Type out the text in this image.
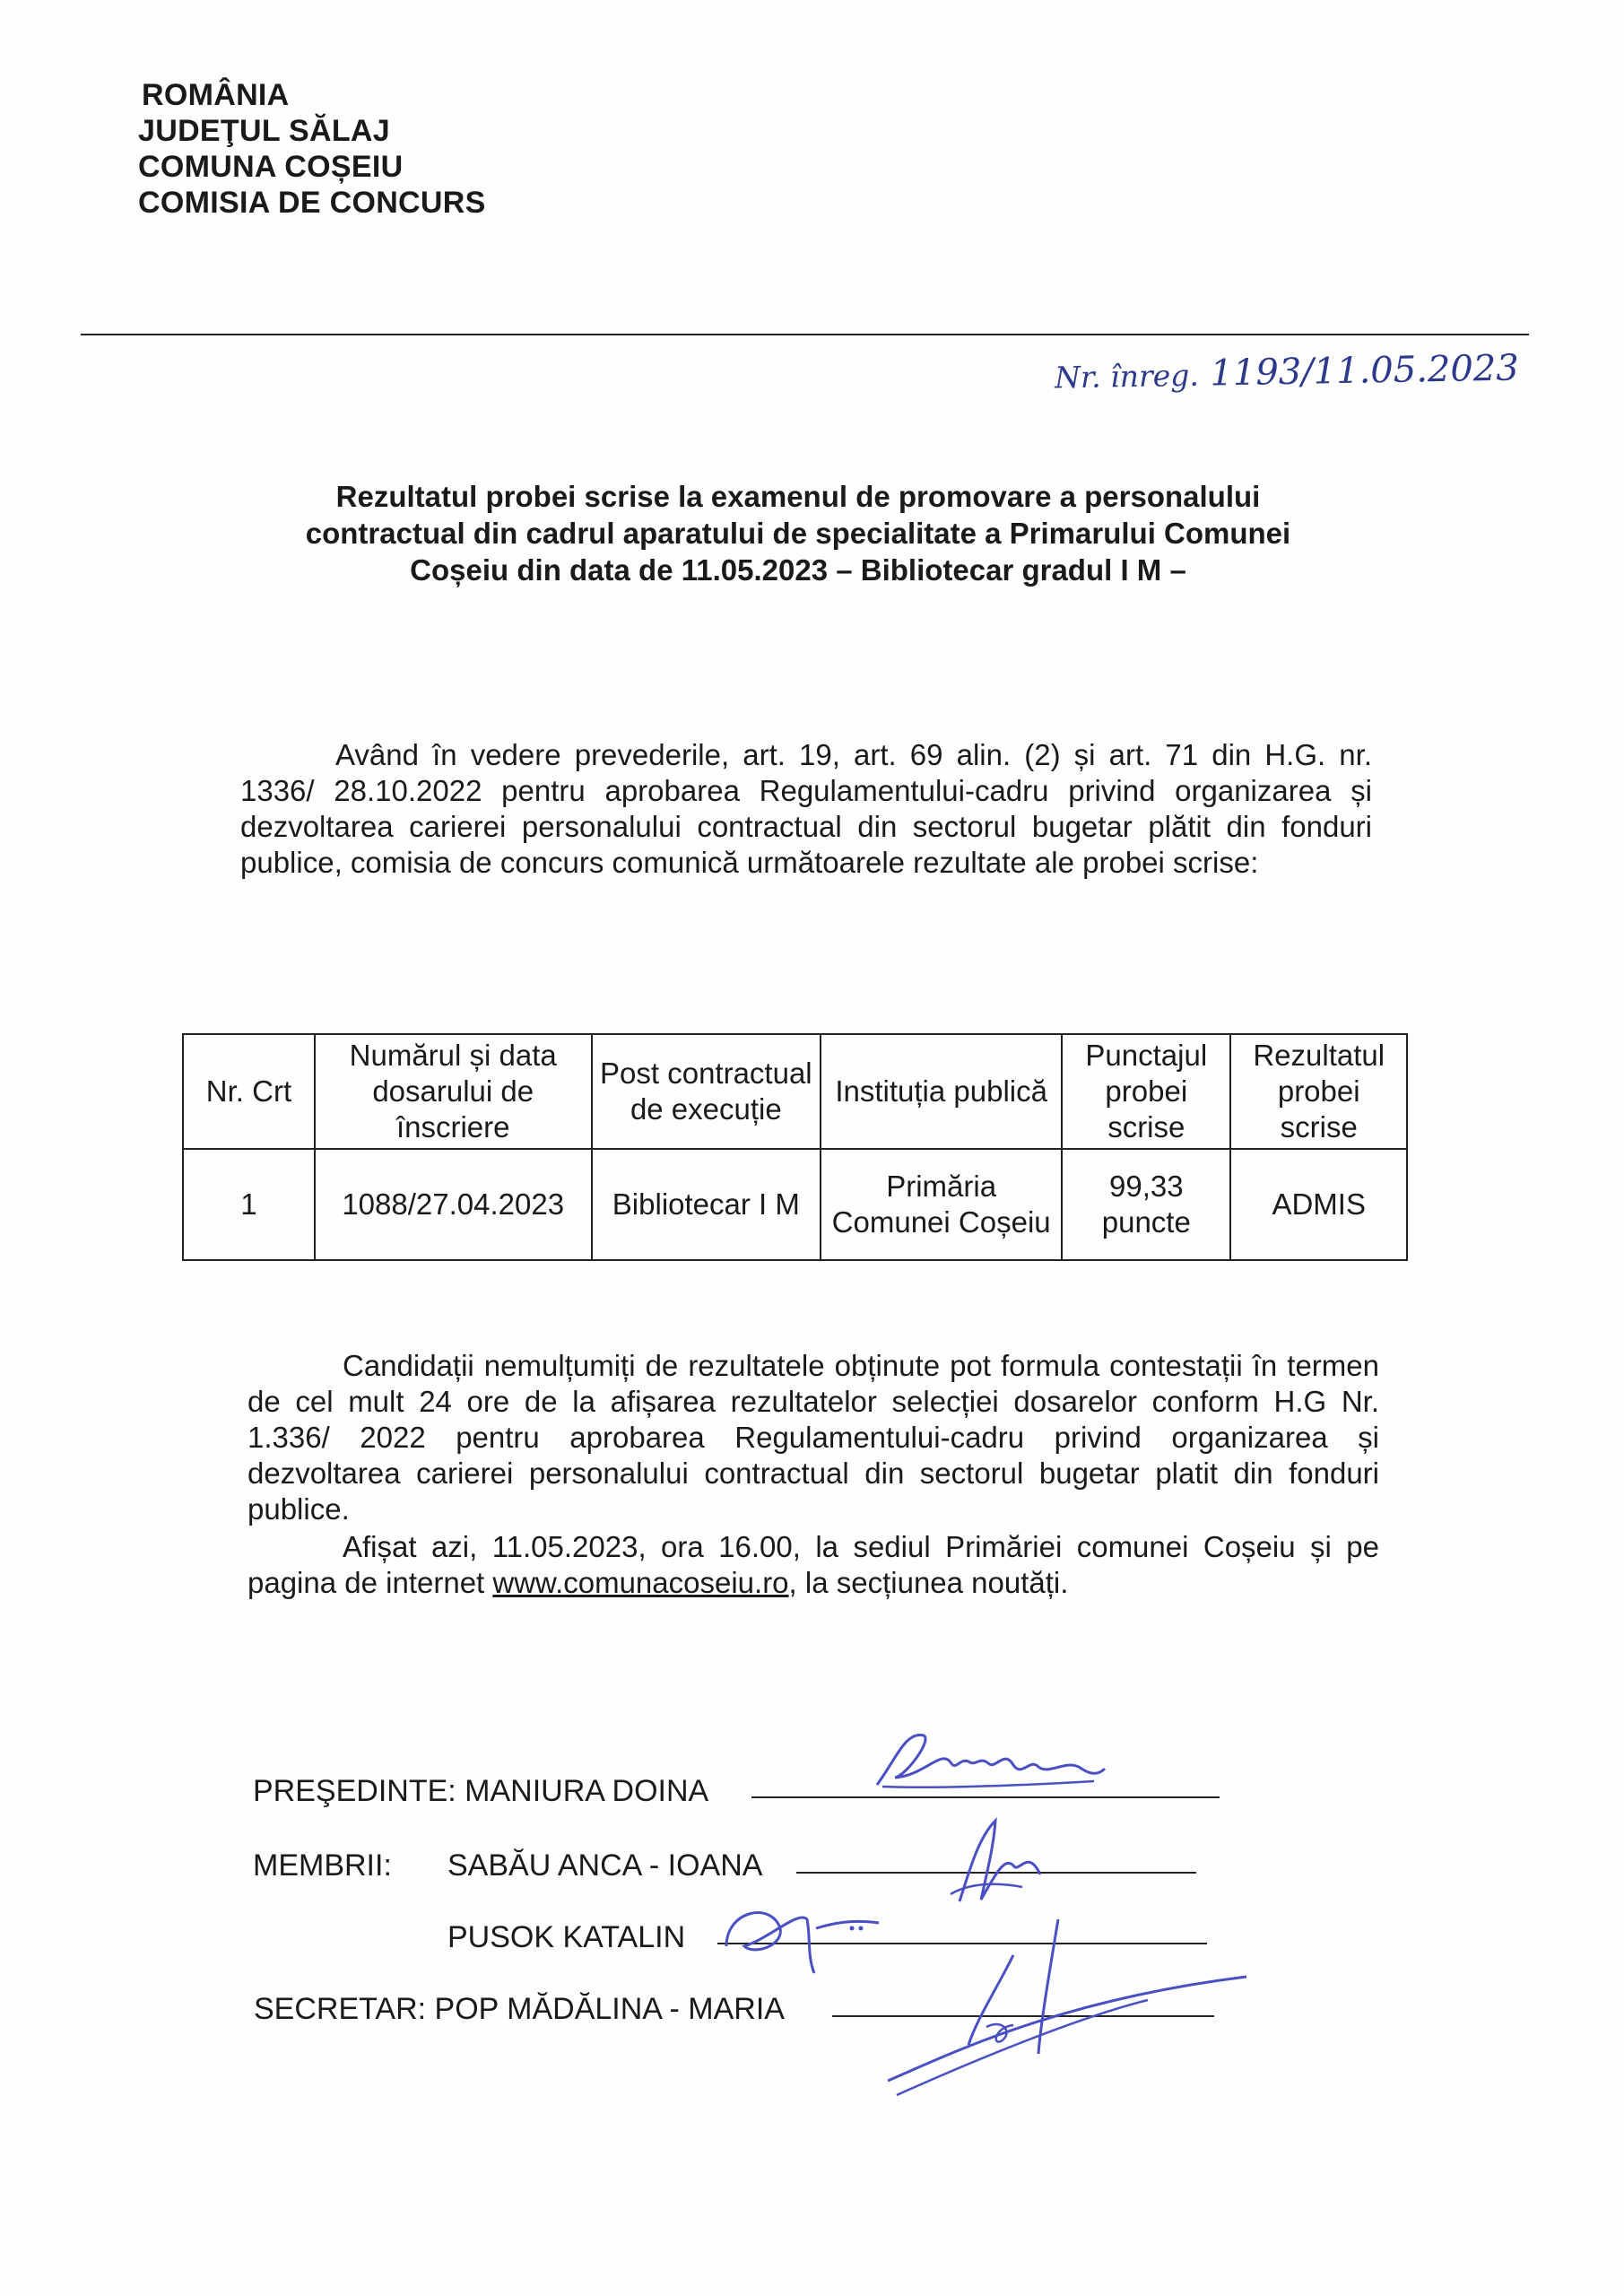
ROMÂNIA
JUDEŢUL SĂLAJ
COMUNA COȘEIU
COMISIA DE CONCURS
Nr. înreg. 1193/11.05.2023
Rezultatul probei scrise la examenul de promovare a personalului
contractual din cadrul aparatului de specialitate a Primarului Comunei
Coșeiu din data de 11.05.2023 – Bibliotecar gradul I M –
Având în vedere prevederile, art. 19, art. 69 alin. (2) și art. 71 din H.G. nr. 1336/ 28.10.2022 pentru aprobarea Regulamentului-cadru privind organizarea și dezvoltarea carierei personalului contractual din sectorul bugetar plătit din fonduri publice, comisia de concurs comunică următoarele rezultate ale probei scrise:
Nr. Crt	Numărul și data dosarului de înscriere	Post contractual de execuție	Instituția publică	Punctajul probei scrise	Rezultatul probei scrise
1	1088/27.04.2023	Bibliotecar I M	Primăria Comunei Coșeiu	99,33 puncte	ADMIS
Candidații nemulțumiți de rezultatele obținute pot formula contestații în termen de cel mult 24 ore de la afișarea rezultatelor selecției dosarelor conform H.G Nr. 1.336/ 2022 pentru aprobarea Regulamentului-cadru privind organizarea și dezvoltarea carierei personalului contractual din sectorul bugetar platit din fonduri publice.
Afișat azi, 11.05.2023, ora 16.00, la sediul Primăriei comunei Coșeiu și pe pagina de internet www.comunacoseiu.ro, la secțiunea noutăți.
PREŞEDINTE: MANIURA DOINA
MEMBRII: SABĂU ANCA - IOANA
PUSOK KATALIN
SECRETAR: POP MĂDĂLINA - MARIA
